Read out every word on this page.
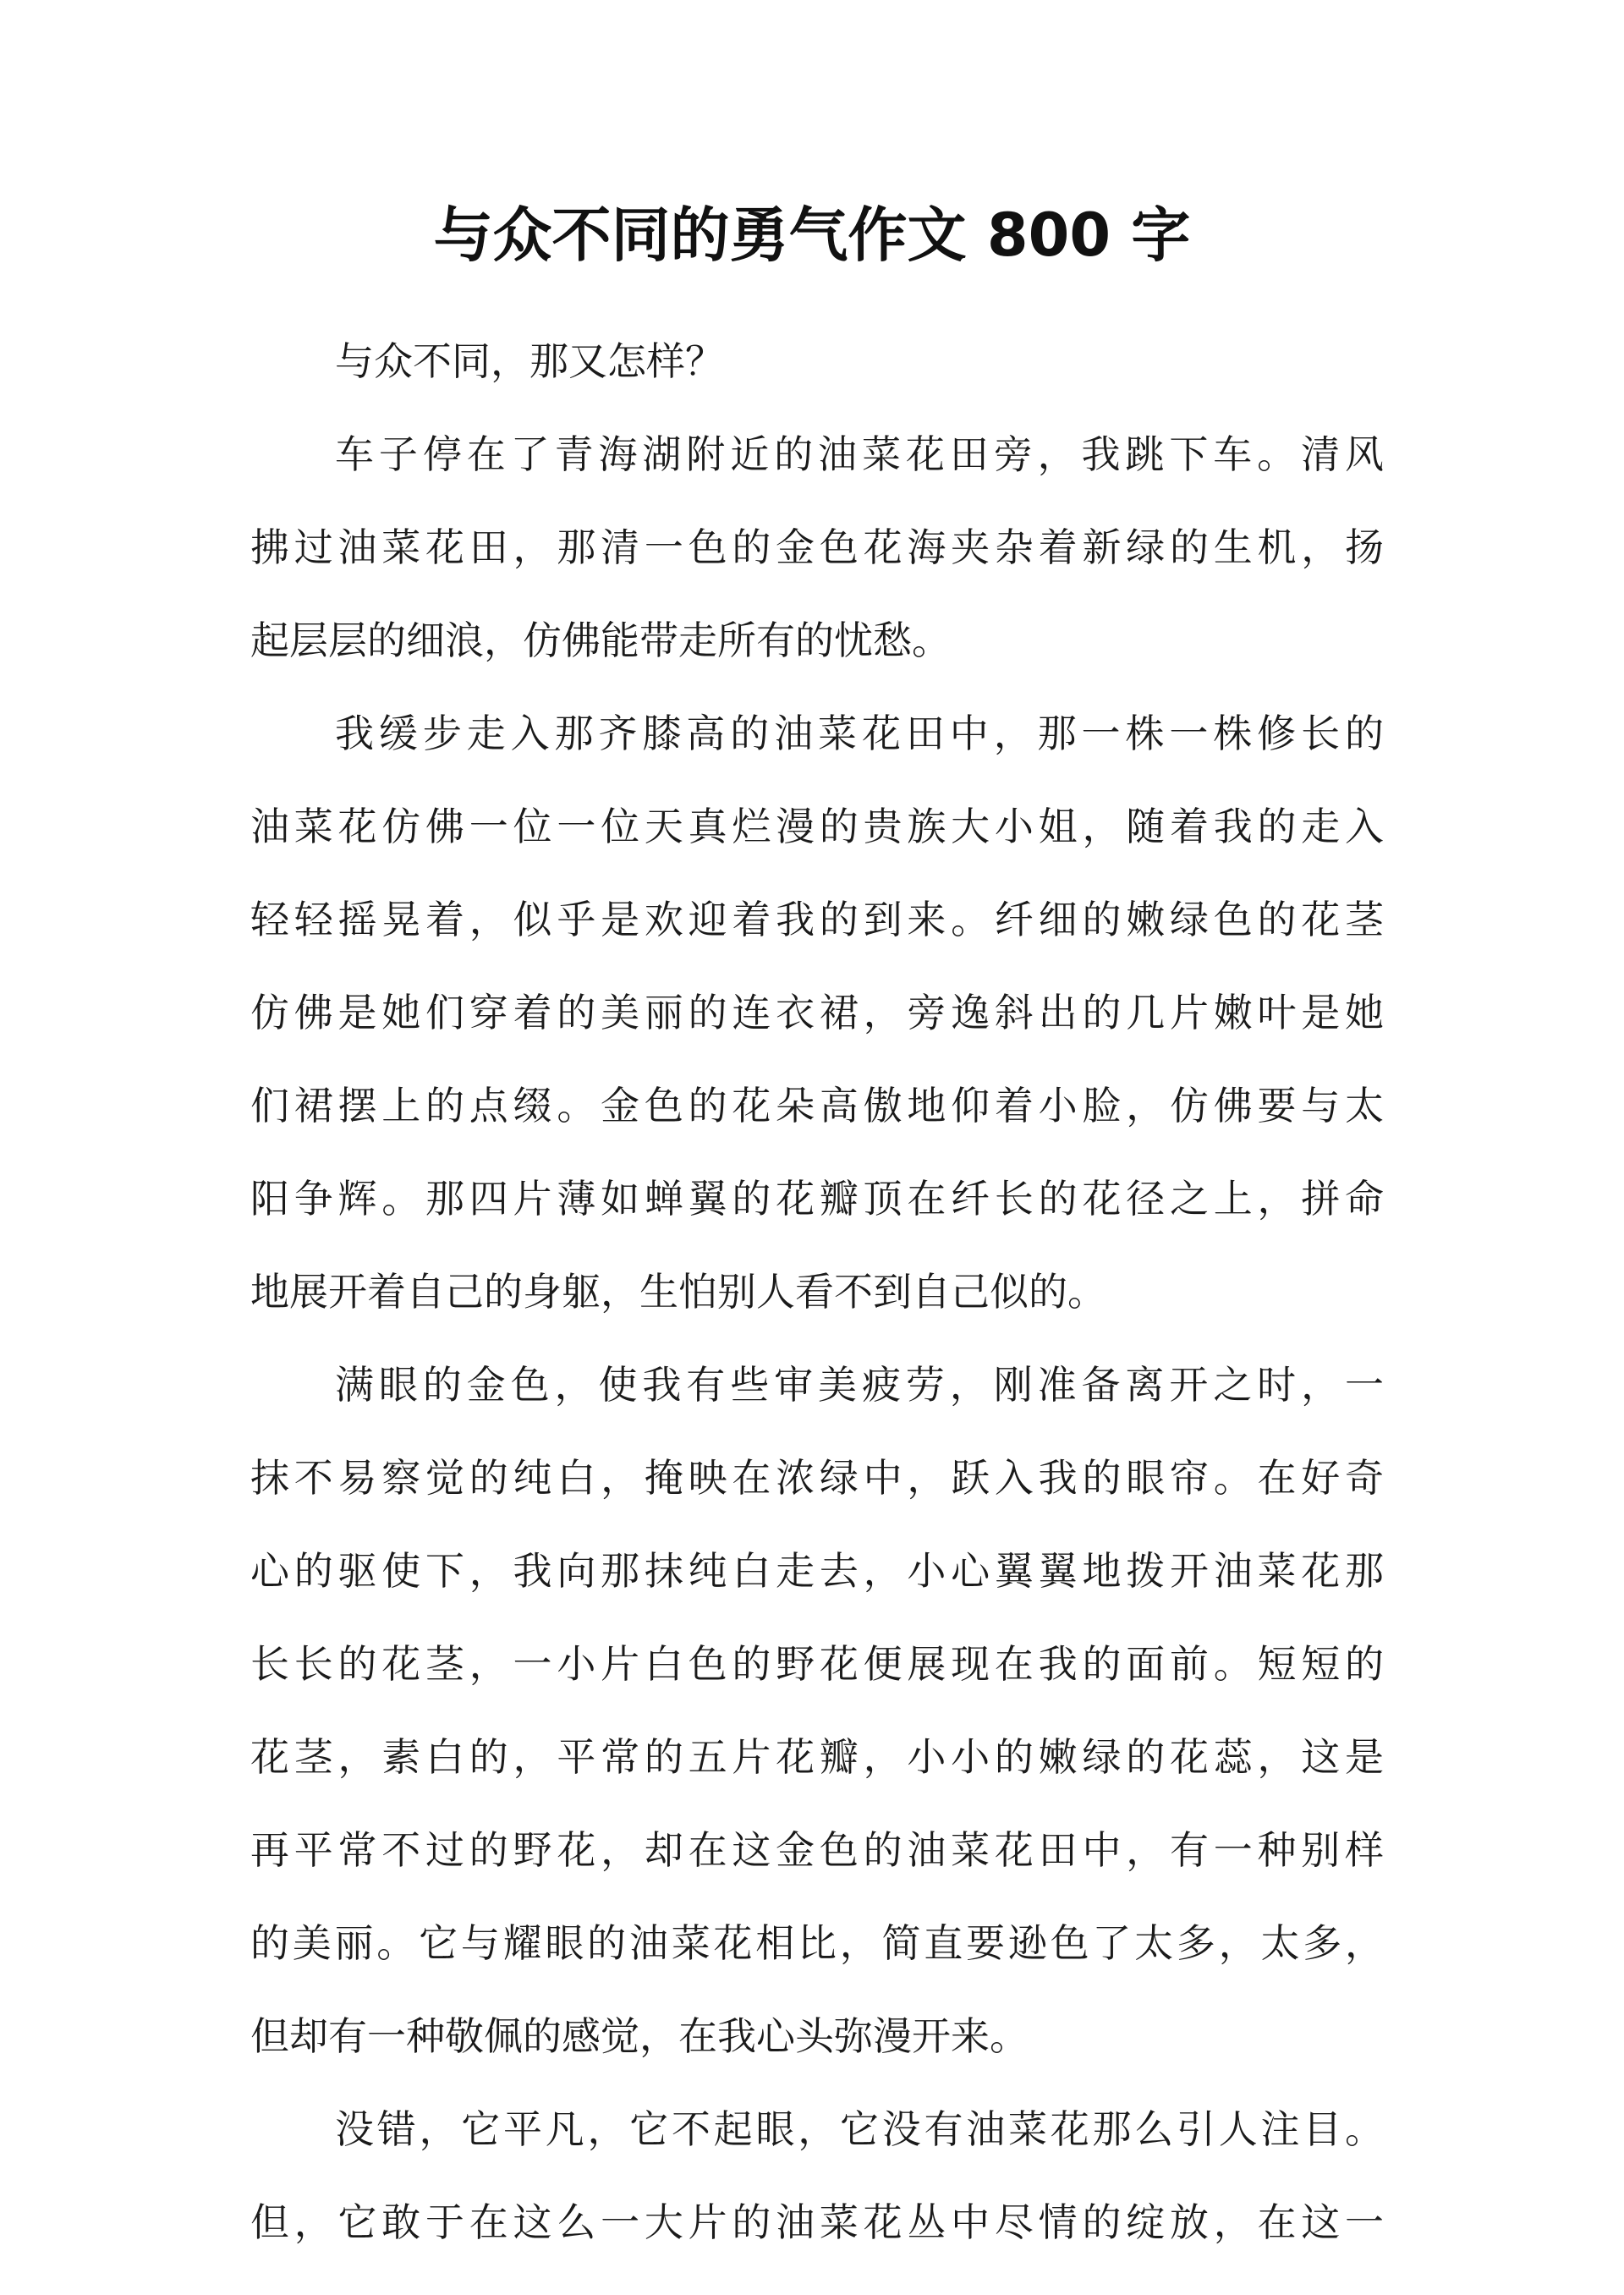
与众不同的勇气作文 800 字

与众不同，那又怎样？

车子停在了青海湖附近的油菜花田旁，我跳下车。清风

拂过油菜花田，那清一色的金色花海夹杂着新绿的生机，扬

起层层的细浪，仿佛能带走所有的忧愁。

我缓步走入那齐膝高的油菜花田中，那一株一株修长的

油菜花仿佛一位一位天真烂漫的贵族大小姐，随着我的走入

轻轻摇晃着，似乎是欢迎着我的到来。纤细的嫩绿色的花茎

仿佛是她们穿着的美丽的连衣裙，旁逸斜出的几片嫩叶是她

们裙摆上的点缀。金色的花朵高傲地仰着小脸，仿佛要与太

阳争辉。那四片薄如蝉翼的花瓣顶在纤长的花径之上，拼命

地展开着自己的身躯，生怕别人看不到自己似的。

满眼的金色，使我有些审美疲劳，刚准备离开之时，一

抹不易察觉的纯白，掩映在浓绿中，跃入我的眼帘。在好奇

心的驱使下，我向那抹纯白走去，小心翼翼地拨开油菜花那

长长的花茎，一小片白色的野花便展现在我的面前。短短的

花茎，素白的，平常的五片花瓣，小小的嫩绿的花蕊，这是

再平常不过的野花，却在这金色的油菜花田中，有一种别样

的美丽。它与耀眼的油菜花相比，简直要逊色了太多，太多，

但却有一种敬佩的感觉，在我心头弥漫开来。

没错，它平凡，它不起眼，它没有油菜花那么引人注目。

但，它敢于在这么一大片的油菜花丛中尽情的绽放，在这一
